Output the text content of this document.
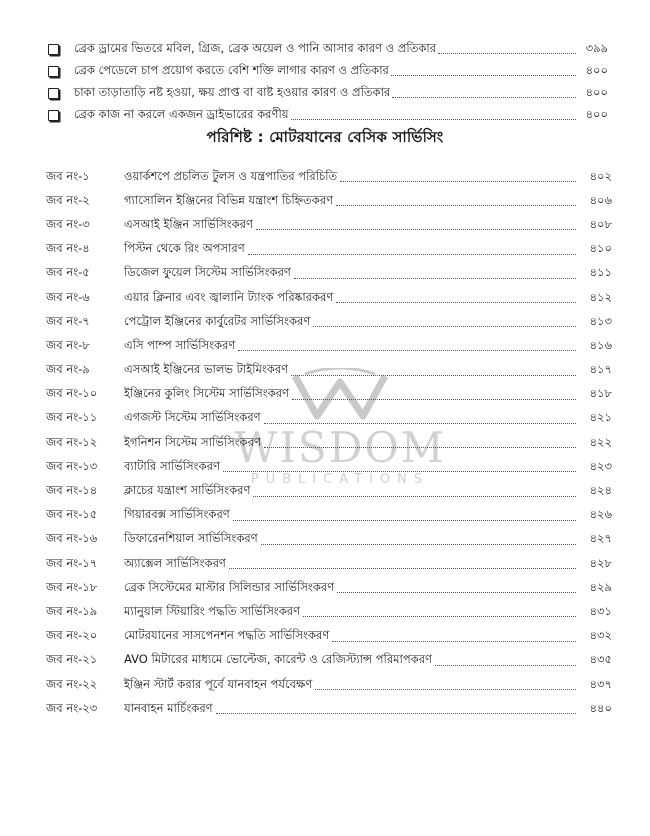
ব্রেক ড্রামের ভিতরে মবিল, গ্রিজ, ব্রেক অয়েল ও পানি আসার কারণ ও প্রতিকার	৩৯৯
ব্রেক পেডেলে চাপ প্রয়োগ করতে বেশি শক্তি লাগার কারণ ও প্রতিকার	৪০০
চাকা তাড়াতাড়ি নষ্ট হওয়া, ক্ষয় প্রাপ্ত বা বাষ্ট হওয়ার কারণ ও প্রতিকার	৪০০
ব্রেক কাজ না করলে একজন ড্রাইভারের করণীয়	৪০০
পরিশিষ্ট : মোটরযানের বেসিক সার্ভিসিং
WISDOM
PUBLICATIONS
জব নং-১	ওয়ার্কশপে প্রচলিত টুলস ও যন্ত্রপাতির পরিচিতি	৪০২
জব নং-২	গ্যাসোলিন ইঞ্জিনের বিভিন্ন যন্ত্রাংশ চিহ্নিতকরণ	৪০৬
জব নং-৩	এসআই ইঞ্জিন সার্ভিসিংকরণ	৪০৮
জব নং-৪	পিস্টন থেকে রিং অপসারণ	৪১০
জব নং-৫	ডিজেল ফুয়েল সিস্টেম সার্ভিসিংকরণ	৪১১
জব নং-৬	এয়ার ক্লিনার এবং জ্বালানি ট্যাংক পরিষ্কারকরণ	৪১২
জব নং-৭	পেট্রোল ইঞ্জিনের কার্বুরেটর সার্ভিসিংকরণ	৪১৩
জব নং-৮	এসি পাম্প সার্ভিসিংকরণ	৪১৬
জব নং-৯	এসআই ইঞ্জিনের ভালভ টাইমিংকরণ	৪১৭
জব নং-১০	ইঞ্জিনের কুলিং সিস্টেম সার্ভিসিংকরণ	৪১৮
জব নং-১১	এগজস্ট সিস্টেম সার্ভিসিংকরণ	৪২১
জব নং-১২	ইগনিশন সিস্টেম সার্ভিসিংকরণ	৪২২
জব নং-১৩	ব্যাটারি সার্ভিসিংকরণ	৪২৩
জব নং-১৪	ক্লাচের যন্ত্রাংশ সার্ভিসিংকরণ	৪২৪
জব নং-১৫	গিয়ারবক্স সার্ভিসিংকরণ	৪২৬
জব নং-১৬	ডিফারেনশিয়াল সার্ভিসিংকরণ	৪২৭
জব নং-১৭	অ্যাক্সেল সার্ভিসিংকরণ	৪২৮
জব নং-১৮	ব্রেক সিস্টেমের মাস্টার সিলিন্ডার সার্ভিসিংকরণ	৪২৯
জব নং-১৯	ম্যানুয়াল স্টিয়ারিং পদ্ধতি সার্ভিসিংকরণ	৪৩১
জব নং-২০	মোটরযানের সাসপেনশন পদ্ধতি সার্ভিসিংকরণ	৪৩২
জব নং-২১	AVO মিটারের মাধ্যমে ভোল্টেজ, কারেন্ট ও রেজিস্ট্যান্স পরিমাপকরণ	৪৩৫
জব নং-২২	ইঞ্জিন স্টার্ট করার পূর্বে যানবাহন পর্যবেক্ষণ	৪৩৭
জব নং-২৩	যানবাহন মার্চিংকরণ	৪৪০
